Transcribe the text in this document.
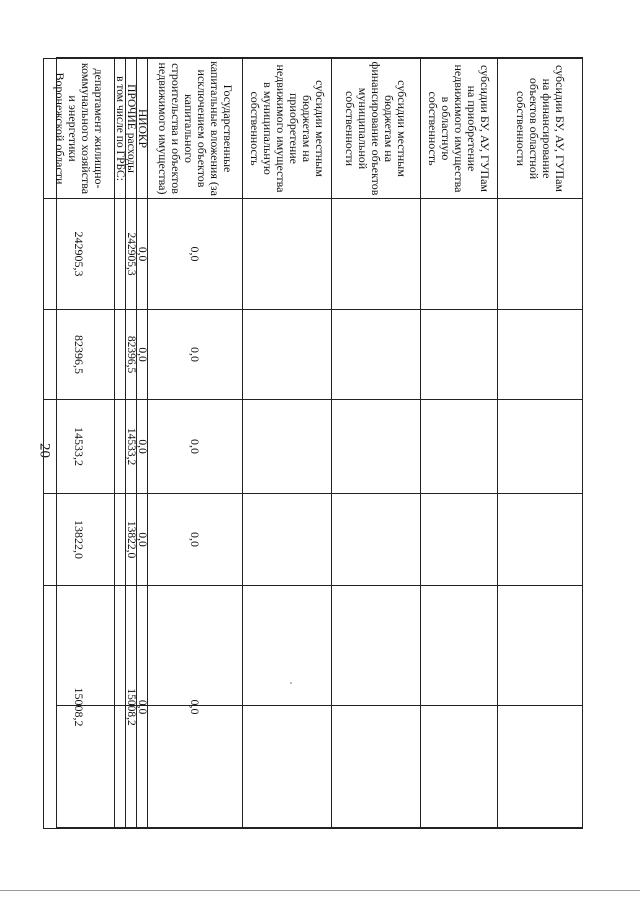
20
субсидии БУ, АУ, ГУПам на финансирование объектов областной собственности					
субсидии БУ, АУ, ГУПам на приобретение недвижимого имущества в областную собственность					
субсидии местным бюджетам на финансирование объектов муниципальной собственности					
субсидии местным бюджетам на приобретение недвижимого имущества в муниципальную собственность					
Государственные капитальные вложения (за исключением объектов капитального строительства и объектов недвижимого имущества)	0,0	0,0	0,0	0,0	0,0
НИОКР	0,0	0,0	0,0	0,0	0,0
ПРОЧИЕ расходы	242905,3	82396,5	14533,2	13822,0	15008,2
в том числе по ГРБС:					
департамент жилищно-коммунального хозяйства и энергетики Воронежской области	242905,3	82396,5	14533,2	13822,0	15008,2
